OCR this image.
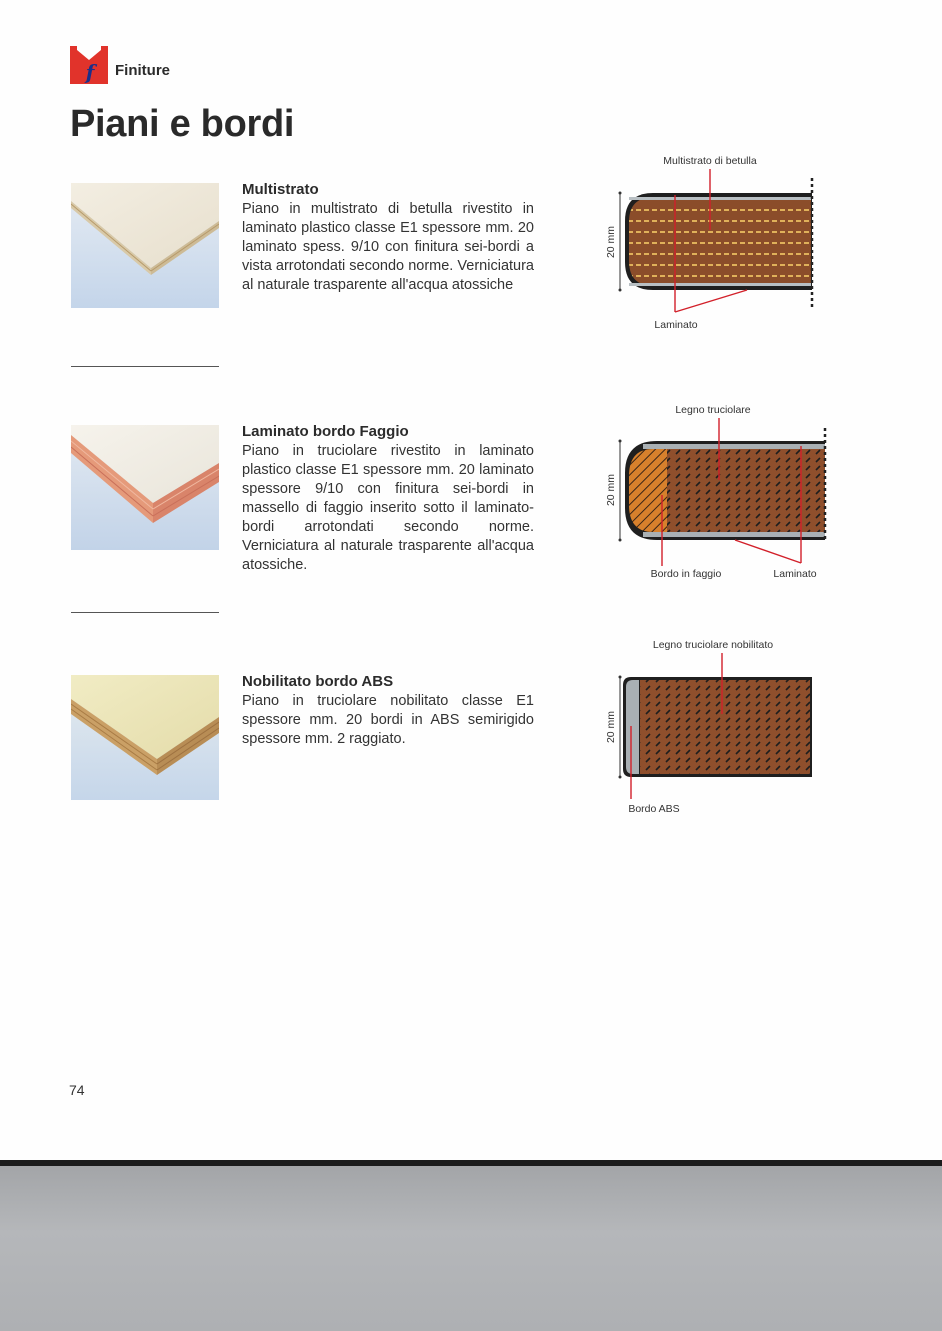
f Finiture
Piani e bordi
Multistrato

Piano in multistrato di betulla rivestito in laminato plastico classe E1 spessore mm. 20 laminato spess. 9/10 con finitura sei-bordi a vista arrotondati secondo norme. Verniciatura al naturale trasparente all'acqua atossiche

Multistrato di betulla
20 mm
Laminato
Laminato bordo Faggio

Piano in truciolare rivestito in laminato plastico classe E1 spessore mm. 20 laminato spessore 9/10 con finitura sei-bordi in massello di faggio inserito sotto il laminato-bordi arrotondati secondo norme. Verniciatura al naturale trasparente all'acqua atossiche.

Legno truciolare
20 mm
Bordo in faggio	Laminato
Nobilitato bordo ABS

Piano in truciolare nobilitato classe E1 spessore mm. 20 bordi in ABS semirigido spessore mm. 2 raggiato.

Legno truciolare nobilitato
20 mm
Bordo ABS
74
